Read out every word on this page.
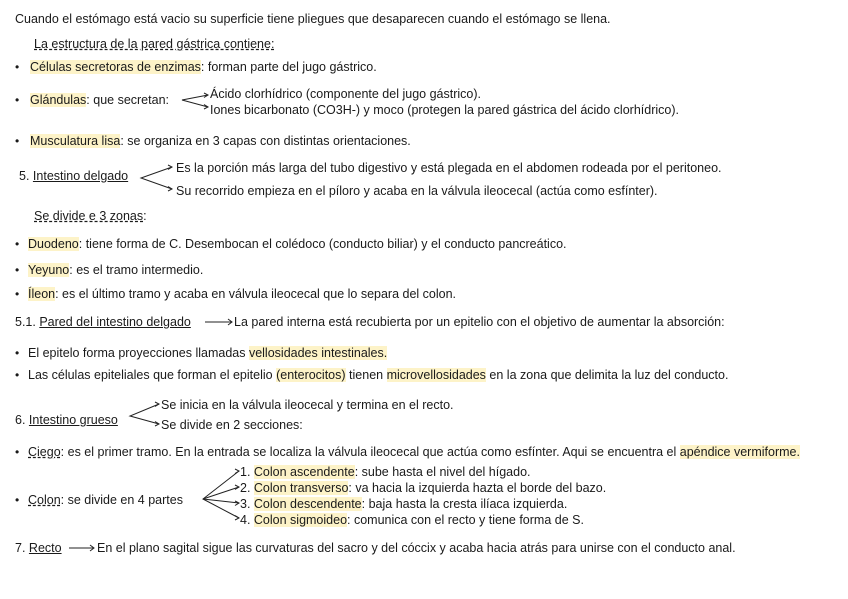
Cuando el estómago está vacio su superficie tiene pliegues que desaparecen cuando el estómago se llena.
La estructura de la pared gástrica contiene:
• Células secretoras de enzimas: forman parte del jugo gástrico.
• Glándulas: que secretan:	Ácido clorhídrico (componente del jugo gástrico).
Iones bicarbonato (CO3H-) y moco (protegen la pared gástrica del ácido clorhídrico).
• Musculatura lisa: se organiza en 3 capas con distintas orientaciones.
5. Intestino delgado
Es la porción más larga del tubo digestivo y está plegada en el abdomen rodeada por el peritoneo.
Su recorrido empieza en el píloro y acaba en la válvula ileocecal (actúa como esfínter).
Se divide e 3 zonas:
• Duodeno: tiene forma de C. Desembocan el colédoco (conducto biliar) y el conducto pancreático.
• Yeyuno: es el tramo intermedio.
• Íleon: es el último tramo y acaba en válvula ileocecal que lo separa del colon.
5.1. Pared del intestino delgado	La pared interna está recubierta por un epitelio con el objetivo de aumentar la absorción:
• El epitelo forma proyecciones llamadas vellosidades intestinales.
• Las células epiteliales que forman el epitelio (enterocitos) tienen microvellosidades en la zona que delimita la luz del conducto.
6. Intestino grueso
Se inicia en la válvula ileocecal y termina en el recto.
Se divide en 2 secciones:
• Ciego: es el primer tramo. En la entrada se localiza la válvula ileocecal que actúa como esfínter. Aqui se encuentra el apéndice vermiforme.
• Colon: se divide en 4 partes
1. Colon ascendente: sube hasta el nivel del hígado.
2. Colon transverso: va hacia la izquierda hazta el borde del bazo.
3. Colon descendente: baja hasta la cresta ilíaca izquierda.
4. Colon sigmoideo: comunica con el recto y tiene forma de S.
7. Recto	En el plano sagital sigue las curvaturas del sacro y del cóccix y acaba hacia atrás para unirse con el conducto anal.
